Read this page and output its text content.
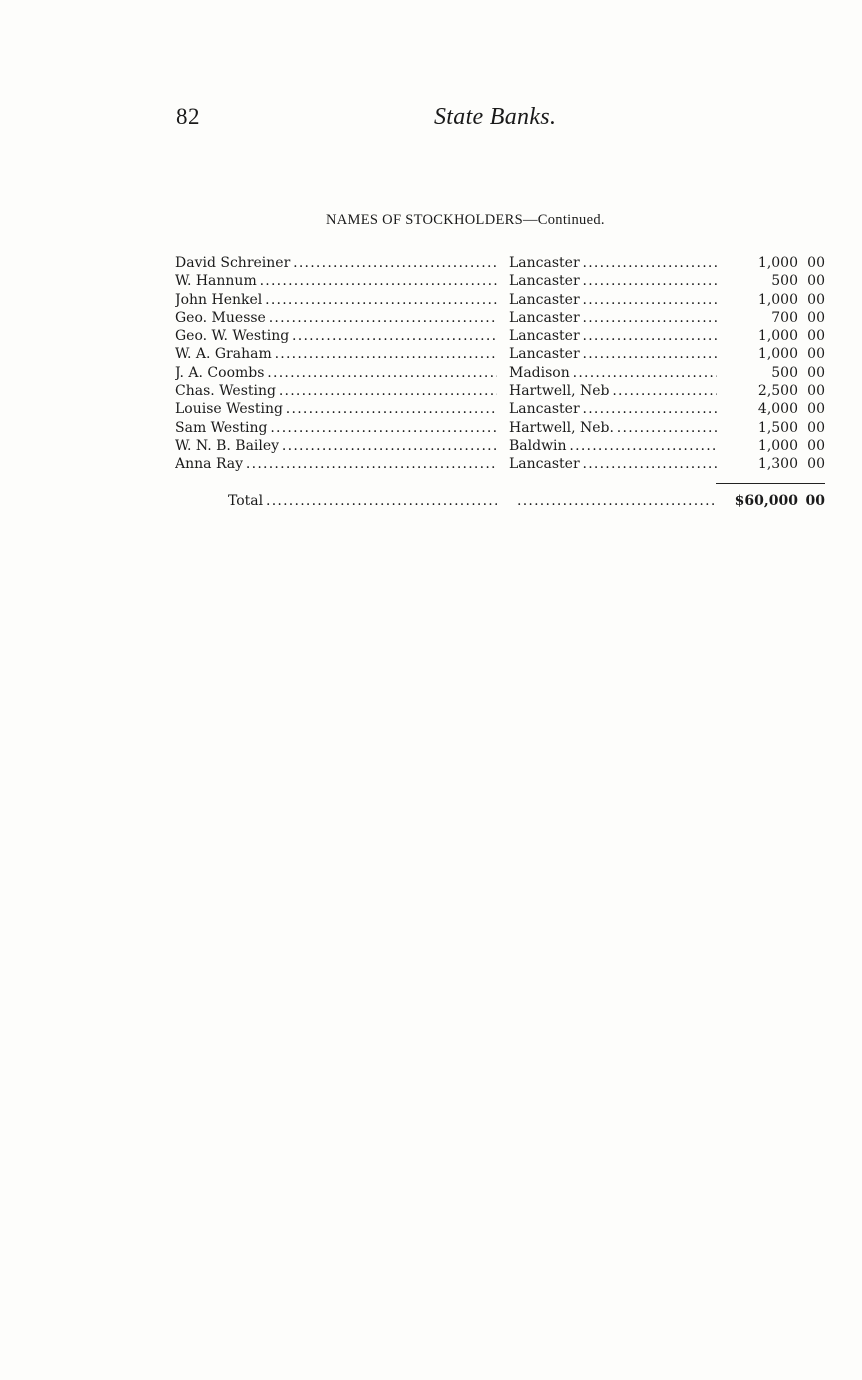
82	State Banks.
NAMES OF STOCKHOLDERS—Continued.
David Schreiner . . .	Lancaster . . .	1,000 00
W. Hannum . . .	Lancaster . . .	500 00
John Henkel . . .	Lancaster . . .	1,000 00
Geo. Muesse . . .	Lancaster . . .	700 00
Geo. W. Westing . . .	Lancaster . . .	1,000 00
W. A. Graham . . .	Lancaster . . .	1,000 00
J. A. Coombs . . .	Madison . . .	500 00
Chas. Westing . . .	Hartwell, Neb . . .	2,500 00
Louise Westing . . .	Lancaster . . .	4,000 00
Sam Westing . . .	Hartwell, Neb. . . .	1,500 00
W. N. B. Bailey . . .	Baldwin . . .	1,000 00
Anna Ray . . .	Lancaster . . .	1,300 00
Total . . .
. . .	$60,000 00
